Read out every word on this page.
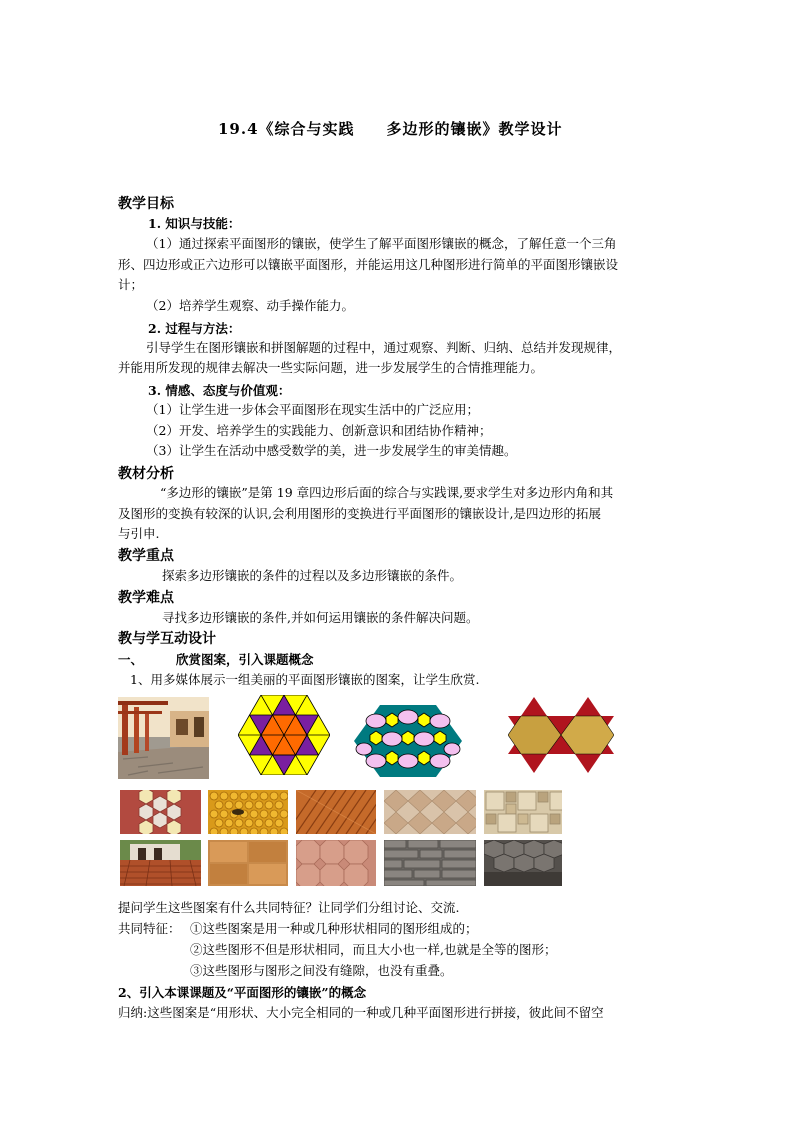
19.4《综合与实践　　多边形的镶嵌》教学设计
教学目标
1. 知识与技能：
（1）通过探索平面图形的镶嵌，使学生了解平面图形镶嵌的概念，了解任意一个三角
形、四边形或正六边形可以镶嵌平面图形，并能运用这几种图形进行简单的平面图形镶嵌设
计；
（2）培养学生观察、动手操作能力。
2. 过程与方法：
引导学生在图形镶嵌和拼图解题的过程中，通过观察、判断、归纳、总结并发现规律，
并能用所发现的规律去解决一些实际问题，进一步发展学生的合情推理能力。
3. 情感、态度与价值观：
（1）让学生进一步体会平面图形在现实生活中的广泛应用；
（2）开发、培养学生的实践能力、创新意识和团结协作精神；
（3）让学生在活动中感受数学的美，进一步发展学生的审美情趣。
教材分析
“多边形的镶嵌”是第 19 章四边形后面的综合与实践课,要求学生对多边形内角和其
及图形的变换有较深的认识,会利用图形的变换进行平面图形的镶嵌设计,是四边形的拓展
与引申.
教学重点
探索多边形镶嵌的条件的过程以及多边形镶嵌的条件。
教学难点
寻找多边形镶嵌的条件,并如何运用镶嵌的条件解决问题。
教与学互动设计
一、	欣赏图案，引入课题概念
1、用多媒体展示一组美丽的平面图形镶嵌的图案，让学生欣赏.
提问学生这些图案有什么共同特征？让同学们分组讨论、交流.
共同特征： ①这些图案是用一种或几种形状相同的图形组成的；
②这些图形不但是形状相同，而且大小也一样,也就是全等的图形；
③这些图形与图形之间没有缝隙，也没有重叠。
2、引入本课课题及“平面图形的镶嵌”的概念
归纳:这些图案是“用形状、大小完全相同的一种或几种平面图形进行拼接，彼此间不留空
